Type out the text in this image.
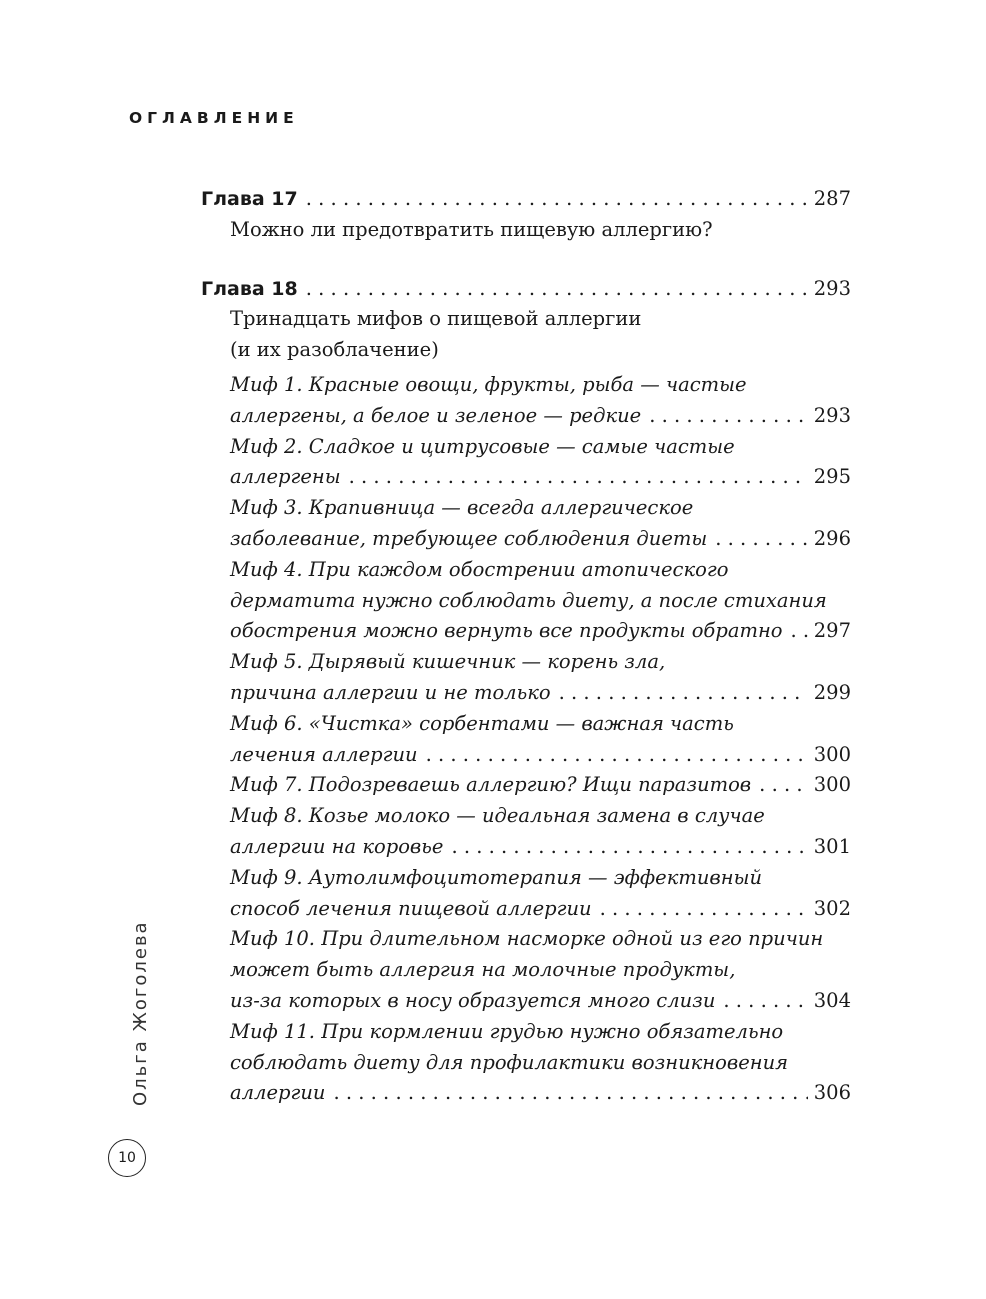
ОГЛАВЛЕНИЕ
Глава 17 . . .	287
Можно ли предотвратить пищевую аллергию?
Глава 18 . . .	293
Тринадцать мифов о пищевой аллергии
(и их разоблачение)
Миф 1. Красные овощи, фрукты, рыба — частые
аллергены, а белое и зеленое — редкие . . .	293
Миф 2. Сладкое и цитрусовые — самые частые
аллергены . . .	295
Миф 3. Крапивница — всегда аллергическое
заболевание, требующее соблюдения диеты . . .	296
Миф 4. При каждом обострении атопического
дерматита нужно соблюдать диету, а после стихания
обострения можно вернуть все продукты обратно . . . 297
Миф 5. Дырявый кишечник — корень зла,
причина аллергии и не только . . .	299
Миф 6. «Чистка» сорбентами — важная часть
лечения аллергии . . .	300
Миф 7. Подозреваешь аллергию? Ищи паразитов . . .	300
Миф 8. Козье молоко — идеальная замена в случае
аллергии на коровье . . .	301
Миф 9. Аутолимфоцитотерапия — эффективный
способ лечения пищевой аллергии . . .	302
Миф 10. При длительном насморке одной из его причин
может быть аллергия на молочные продукты,
из-за которых в носу образуется много слизи . . .	304
Миф 11. При кормлении грудью нужно обязательно
соблюдать диету для профилактики возникновения
аллергии . . .	306
Ольга Жоголева
10
